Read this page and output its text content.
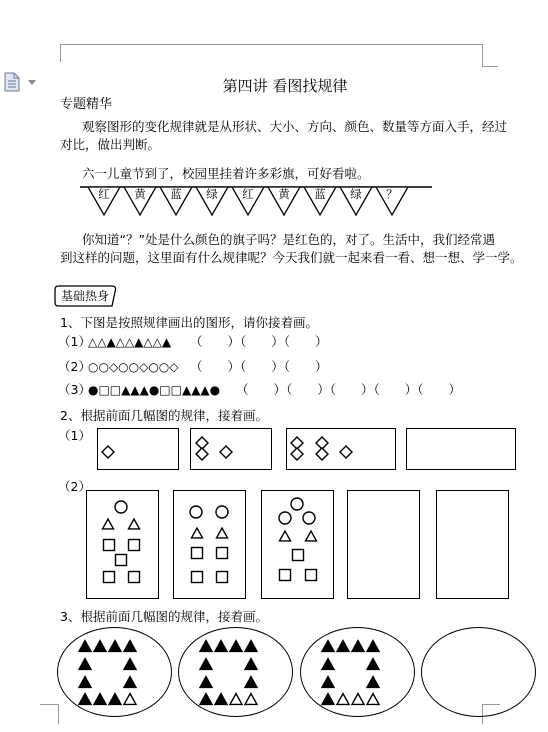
第四讲 看图找规律
专题精华
观察图形的变化规律就是从形状、大小、方向、颜色、数量等方面入手，经过
对比，做出判断。
六一儿童节到了，校园里挂着许多彩旗，可好看啦。
红 黄 蓝 绿 红 黄 蓝 绿 ？
你知道“？”处是什么颜色的旗子吗？是红色的，对了。生活中，我们经常遇
到这样的问题，这里面有什么规律呢？今天我们就一起来看一看、想一想、学一学。
基础热身
1、下图是按照规律画出的图形，请你接着画。
（1）
△△▲△△▲△△▲ （　　）（　　）（　　）
（2）
○○◇○○◇○○◇ （　　）（　　）（　　）
（3）
●□□▲▲▲●□□▲▲▲● （　　）（　　）（　　）（　　）（　　）
2、根据前面几幅图的规律，接着画。
（1）
（2）
3、根据前面几幅图的规律，接着画。
